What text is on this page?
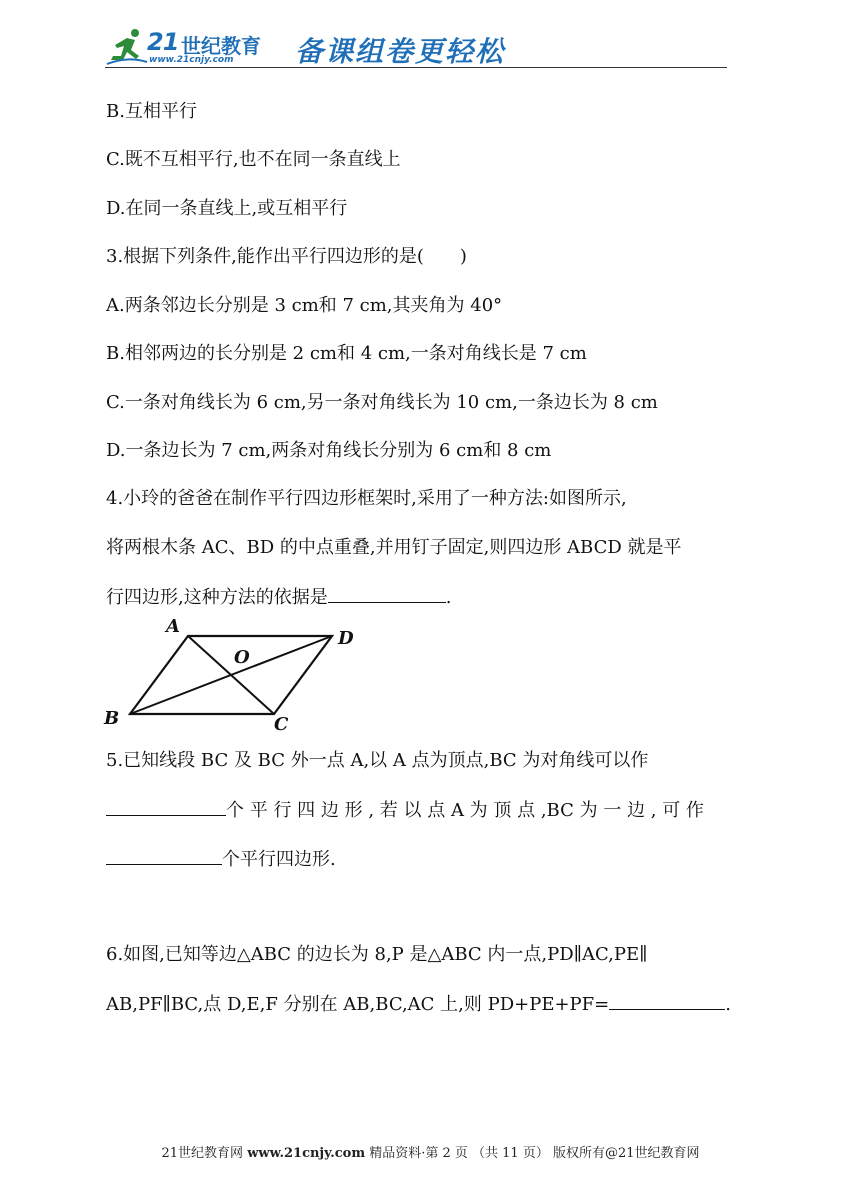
21 世纪教育
www.21cnjy.com 备课组卷更轻松
B.互相平行
C.既不互相平行,也不在同一条直线上
D.在同一条直线上,或互相平行
3.根据下列条件,能作出平行四边形的是(　　)
A.两条邻边长分别是 3 cm和 7 cm,其夹角为 40°
B.相邻两边的长分别是 2 cm和 4 cm,一条对角线长是 7 cm
C.一条对角线长为 6 cm,另一条对角线长为 10 cm,一条边长为 8 cm
D.一条边长为 7 cm,两条对角线长分别为 6 cm和 8 cm
4.小玲的爸爸在制作平行四边形框架时,采用了一种方法:如图所示,
将两根木条 AC、BD 的中点重叠,并用钉子固定,则四边形 ABCD 就是平
行四边形,这种方法的依据是	.
A
D
O
B	C
5.已知线段 BC 及 BC 外一点 A,以 A 点为顶点,BC 为对角线可以作
个 平 行 四 边 形 , 若 以 点 A 为 顶 点 ,BC 为 一 边 , 可 作
个平行四边形.
6.如图,已知等边△ABC 的边长为 8,P 是△ABC 内一点,PD∥AC,PE∥
AB,PF∥BC,点 D,E,F 分别在 AB,BC,AC 上,则 PD+PE+PF=	.
21世纪教育网 www.21cnjy.com 精品资料·第 2 页 （共 11 页） 版权所有@21世纪教育网
